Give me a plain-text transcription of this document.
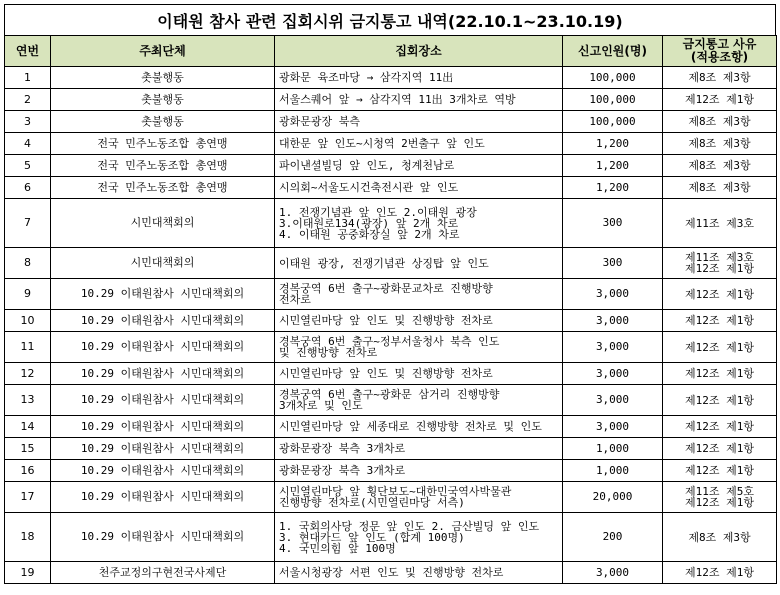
이태원 참사 관련 집회시위 금지통고 내역(22.10.1~23.10.19)
연번	주최단체	집회장소	신고인원(명)	금지통고 사유
(적용조항)
1	촛불행동	광화문 육조마당 → 삼각지역 11出	100,000	제8조 제3항
2	촛불행동	서울스퀘어 앞 → 삼각지역 11出 3개차로 역방	100,000	제12조 제1항
3	촛불행동	광화문광장 북측	100,000	제8조 제3항
4	전국 민주노동조합 총연맹	대한문 앞 인도~시청역 2번출구 앞 인도	1,200	제8조 제3항
5	전국 민주노동조합 총연맹	파이낸셜빌딩 앞 인도, 청계천남로	1,200	제8조 제3항
6	전국 민주노동조합 총연맹	시의회~서울도시건축전시관 앞 인도	1,200	제8조 제3항
7	시민대책회의	1. 전쟁기념관 앞 인도 2.이태원 광장
3.이태원로134(광장) 앞 2개 차로
4. 이태원 공중화장실 앞 2개 차로	300	제11조 제3호
8	시민대책회의	이태원 광장, 전쟁기념관 상징탑 앞 인도	300	제11조 제3호
제12조 제1항
9	10.29 이태원참사 시민대책회의	경복궁역 6번 출구~광화문교차로 진행방향
전차로	3,000	제12조 제1항
10	10.29 이태원참사 시민대책회의	시민열린마당 앞 인도 및 진행방향 전차로	3,000	제12조 제1항
11	10.29 이태원참사 시민대책회의	경복궁역 6번 출구~정부서울청사 북측 인도
및 진행방향 전차로	3,000	제12조 제1항
12	10.29 이태원참사 시민대책회의	시민열린마당 앞 인도 및 진행방향 전차로	3,000	제12조 제1항
13	10.29 이태원참사 시민대책회의	경복궁역 6번 출구~광화문 삼거리 진행방향
3개차로 및 인도	3,000	제12조 제1항
14	10.29 이태원참사 시민대책회의	시민열린마당 앞 세종대로 진행방향 전차로 및 인도	3,000	제12조 제1항
15	10.29 이태원참사 시민대책회의	광화문광장 북측 3개차로	1,000	제12조 제1항
16	10.29 이태원참사 시민대책회의	광화문광장 북측 3개차로	1,000	제12조 제1항
17	10.29 이태원참사 시민대책회의	시민열린마당 앞 횡단보도~대한민국역사박물관
진행방향 전차로(시민열린마당 서측)	20,000	제11조 제5호
제12조 제1항
18	10.29 이태원참사 시민대책회의	1. 국회의사당 정문 앞 인도 2. 금산빌딩 앞 인도
3. 현대카드 앞 인도 (합계 100명)
4. 국민의힘 앞 100명	200	제8조 제3항
19	천주교정의구현전국사제단	서울시청광장 서편 인도 및 진행방향 전차로	3,000	제12조 제1항
